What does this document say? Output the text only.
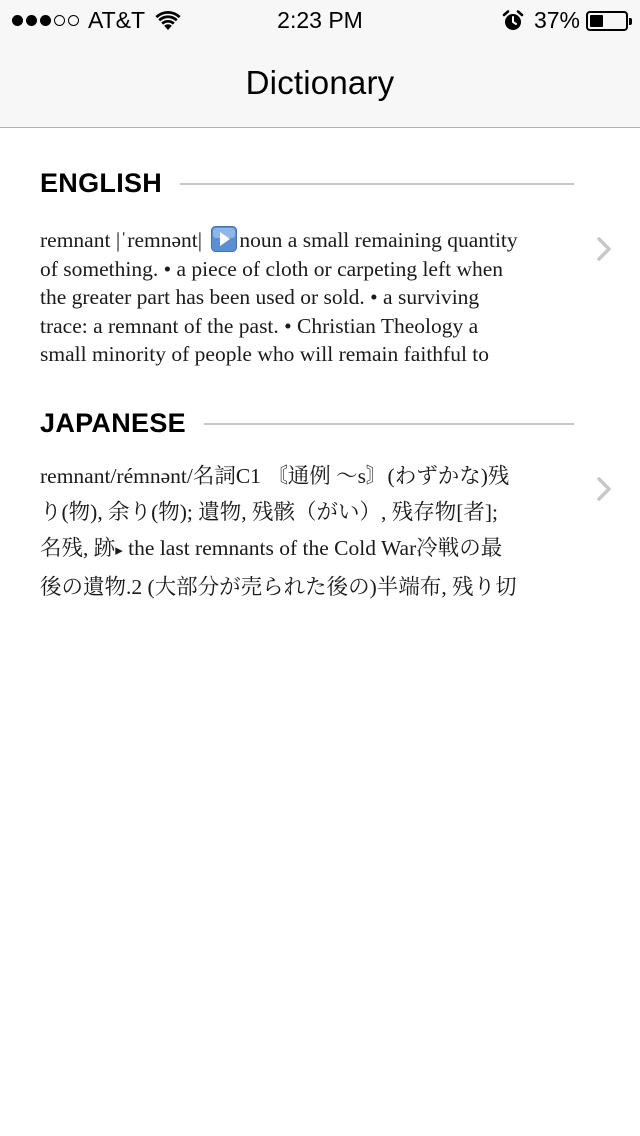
AT&T	2:23 PM	37%
Dictionary
ENGLISH
remnant |ˈremnənt| noun a small remaining quantity
of something. • a piece of cloth or carpeting left when
the greater part has been used or sold. • a surviving
trace: a remnant of the past. • Christian Theology a
small minority of people who will remain faithful to
JAPANESE
remnant/rémnənt/名詞C1 〘通例 ～s〙(わずかな)残
り(物), 余り(物); 遺物, 残骸（がい）, 残存物[者];
名残, 跡▸ the last remnants of the Cold War冷戦の最
後の遺物.2 (大部分が売られた後の)半端布, 残り切
